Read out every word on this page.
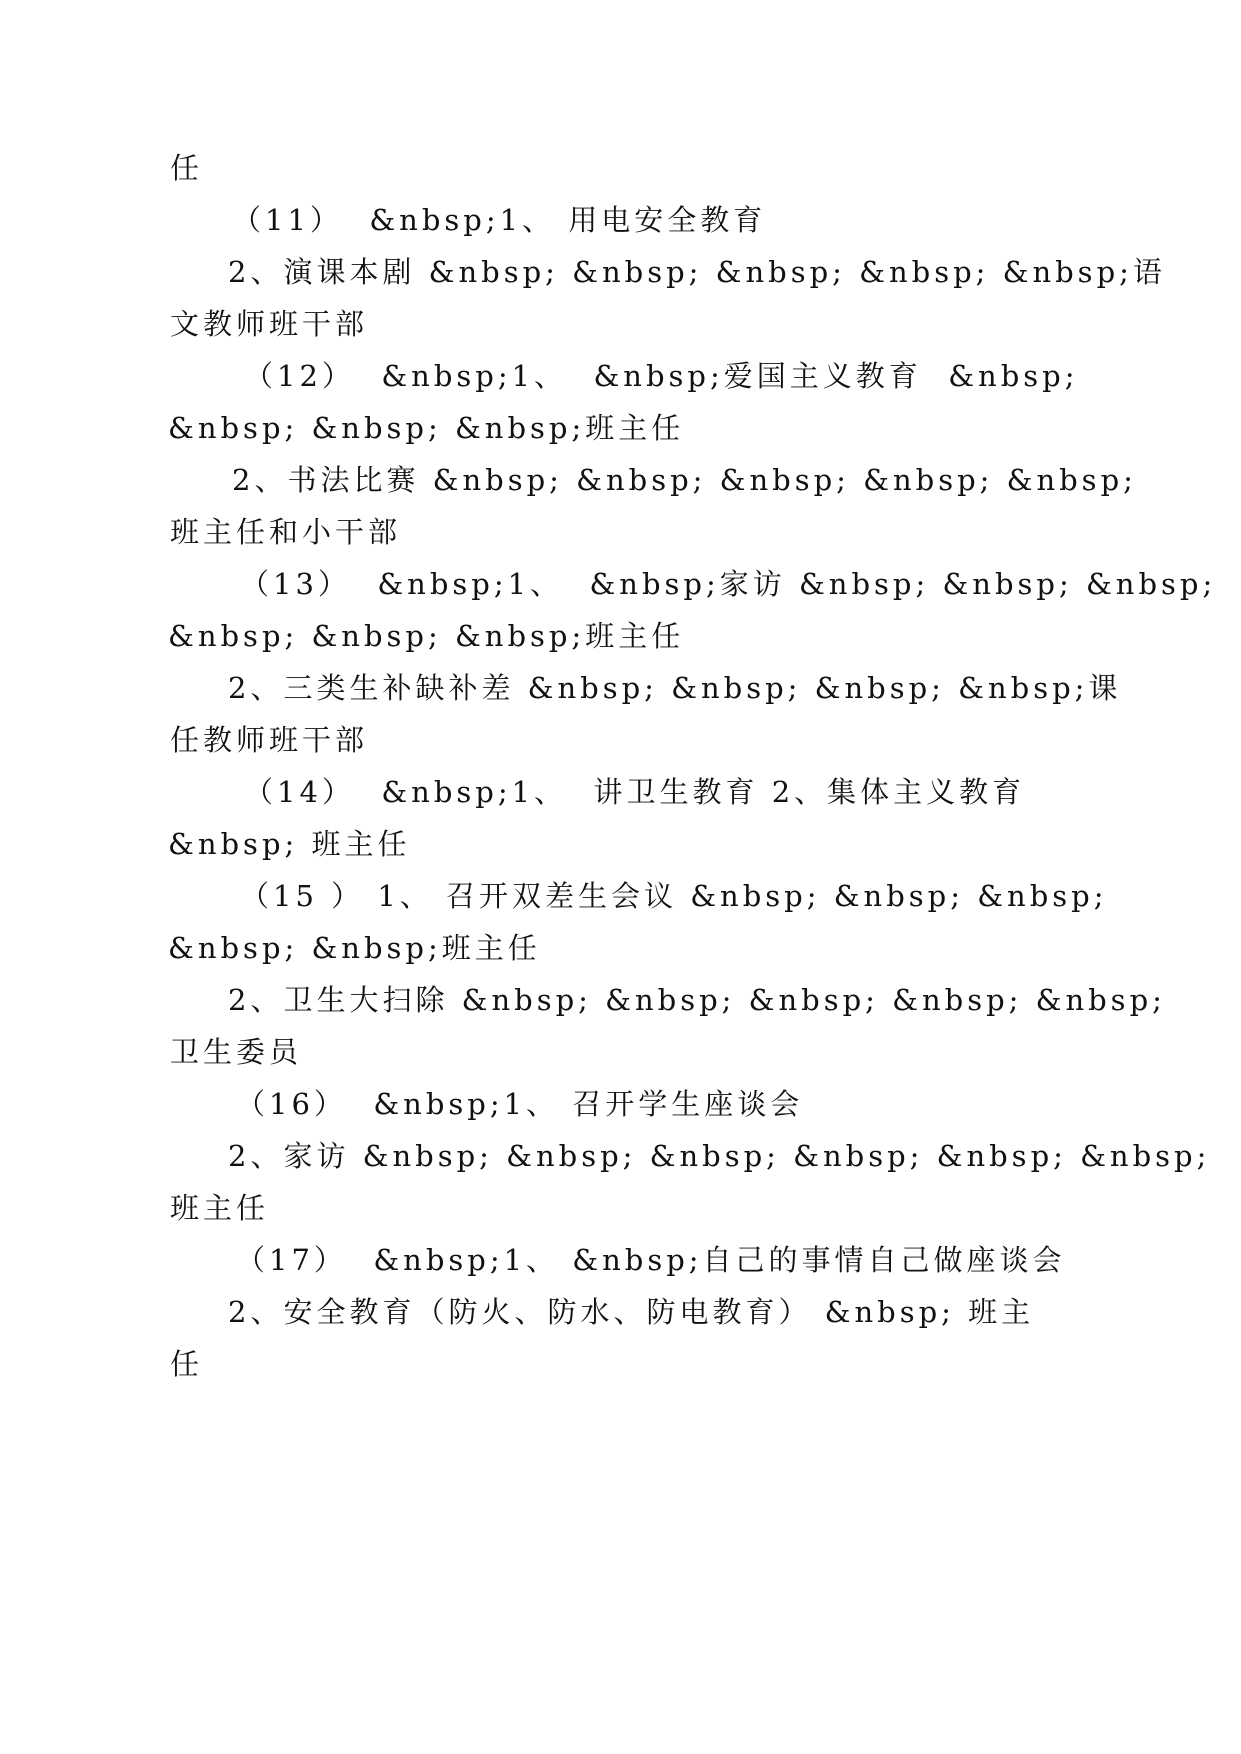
任
（11）  &nbsp;1、 用电安全教育
2、演课本剧 &nbsp; &nbsp; &nbsp; &nbsp; &nbsp;语
文教师班干部
（12）  &nbsp;1、  &nbsp;爱国主义教育  &nbsp;
&nbsp; &nbsp; &nbsp;班主任
2、书法比赛 &nbsp; &nbsp; &nbsp; &nbsp; &nbsp;
班主任和小干部
（13）  &nbsp;1、  &nbsp;家访 &nbsp; &nbsp; &nbsp;
&nbsp; &nbsp; &nbsp;班主任
2、三类生补缺补差 &nbsp; &nbsp; &nbsp; &nbsp;课
任教师班干部
（14）  &nbsp;1、  讲卫生教育 2、集体主义教育
&nbsp; 班主任
（15 ） 1、 召开双差生会议 &nbsp; &nbsp; &nbsp;
&nbsp; &nbsp;班主任
2、卫生大扫除 &nbsp; &nbsp; &nbsp; &nbsp; &nbsp;
卫生委员
（16）  &nbsp;1、 召开学生座谈会
2、家访 &nbsp; &nbsp; &nbsp; &nbsp; &nbsp; &nbsp;
班主任
（17）  &nbsp;1、 &nbsp;自己的事情自己做座谈会
2、安全教育（防火、防水、防电教育） &nbsp; 班主
任
